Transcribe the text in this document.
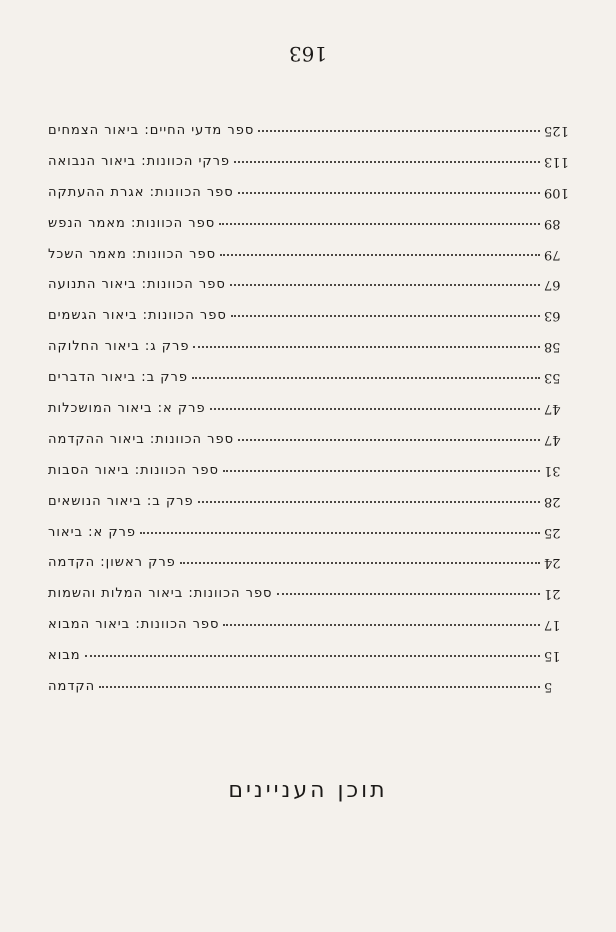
163
125
ספר מדעי החיים: ביאור הצמחים
113
פרקי הכוונות: ביאור הנבואה
109
ספר הכוונות: אגרת ההעתקה
89
ספר הכוונות: מאמר הנפש
79
ספר הכוונות: מאמר השכל
67
ספר הכוונות: ביאור התנועה
63
ספר הכוונות: ביאור הגשמים
58
פרק ג: ביאור החלוקה
53
פרק ב: ביאור הדברים
47
פרק א: ביאור המושכלות
47
ספר הכוונות: ביאור ההקדמה
31
ספר הכוונות: ביאור הסבות
28
פרק ב: ביאור הנושאים
25
פרק א: ביאור
24
פרק ראשון: הקדמה
21
ספר הכוונות: ביאור המלות והשמות
17
ספר הכוונות: ביאור המבוא
15
מבוא
5
הקדמה
תוכן העניינים
